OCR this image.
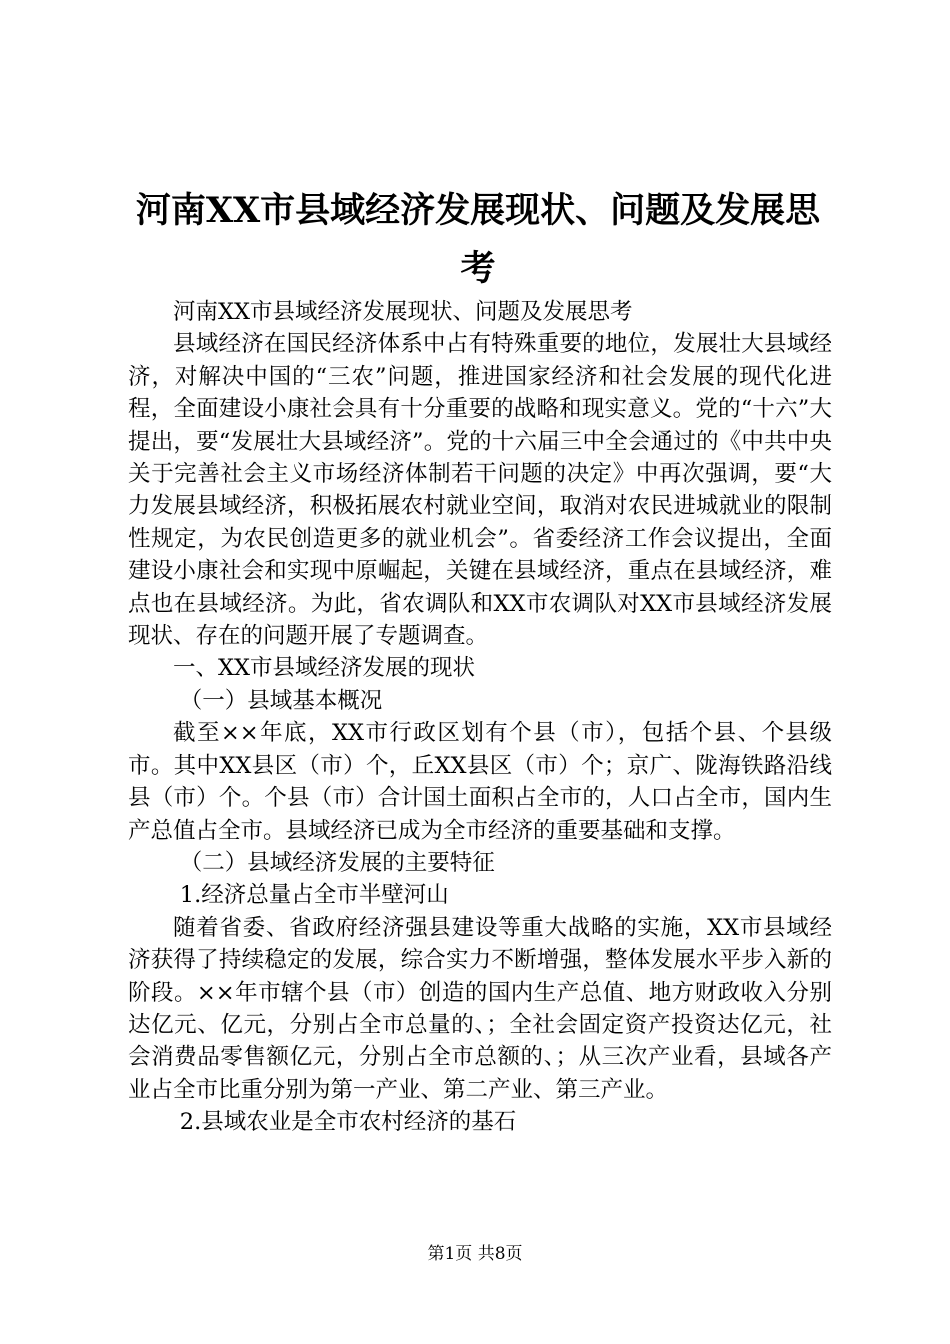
河南XX市县域经济发展现状、问题及发展思考

河南XX市县域经济发展现状、问题及发展思考

县域经济在国民经济体系中占有特殊重要的地位，发展壮大县域经济，对解决中国的“三农”问题，推进国家经济和社会发展的现代化进程，全面建设小康社会具有十分重要的战略和现实意义。党的“十六”大提出，要“发展壮大县域经济”。党的十六届三中全会通过的《中共中央关于完善社会主义市场经济体制若干问题的决定》中再次强调，要“大力发展县域经济，积极拓展农村就业空间，取消对农民进城就业的限制性规定，为农民创造更多的就业机会”。省委经济工作会议提出，全面建设小康社会和实现中原崛起，关键在县域经济，重点在县域经济，难点也在县域经济。为此，省农调队和XX市农调队对XX市县域经济发展现状、存在的问题开展了专题调查。

一、XX市县域经济发展的现状

（一）县域基本概况

截至××年底，XX市行政区划有个县（市），包括个县、个县级市。其中XX县区（市）个，丘XX县区（市）个；京广、陇海铁路沿线县（市）个。个县（市）合计国土面积占全市的，人口占全市，国内生产总值占全市。县域经济已成为全市经济的重要基础和支撑。

（二）县域经济发展的主要特征

1.经济总量占全市半壁河山

随着省委、省政府经济强县建设等重大战略的实施，XX市县域经济获得了持续稳定的发展，综合实力不断增强，整体发展水平步入新的阶段。××年市辖个县（市）创造的国内生产总值、地方财政收入分别达亿元、亿元，分别占全市总量的、；全社会固定资产投资达亿元，社会消费品零售额亿元，分别占全市总额的、；从三次产业看，县域各产业占全市比重分别为第一产业、第二产业、第三产业。

2.县域农业是全市农村经济的基石

第1页 共8页
